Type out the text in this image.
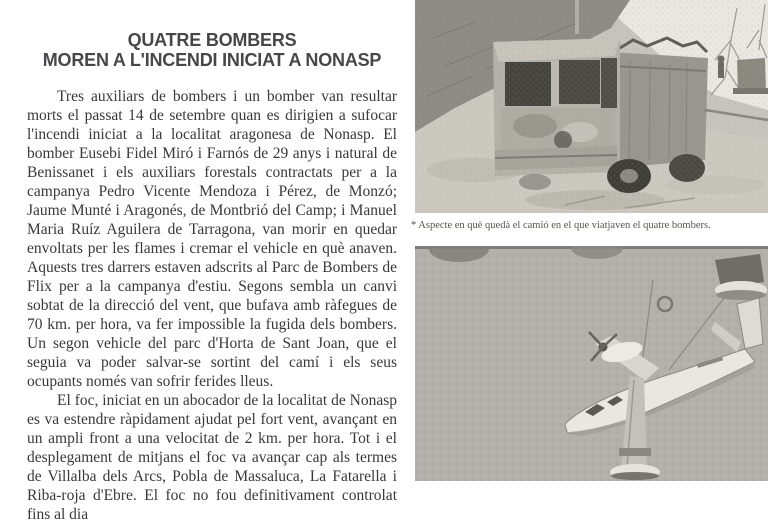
QUATRE BOMBERS
MOREN A L'INCENDI INICIAT A NONASP

Tres auxiliars de bombers i un bomber van resultar morts el passat 14 de setembre quan es dirigien a sufocar l'incendi iniciat a la localitat aragonesa de Nonasp. El bomber Eusebi Fidel Miró i Farnós de 29 anys i natural de Benissanet i els auxiliars forestals contractats per a la campanya Pedro Vicente Mendoza i Pérez, de Monzó; Jaume Munté i Aragonés, de Montbrió del Camp; i Manuel Maria Ruíz Aguilera de Tarragona, van morir en quedar envoltats per les flames i cremar el vehicle en què anaven. Aquests tres darrers estaven adscrits al Parc de Bombers de Flix per a la campanya d'estiu. Segons sembla un canvi sobtat de la direcció del vent, que bufava amb ràfegues de 70 km. per hora, va fer impossible la fugida dels bombers. Un segon vehicle del parc d'Horta de Sant Joan, que el seguia va poder salvar-se sortint del camí i els seus ocupants només van sofrir ferides lleus.

El foc, iniciat en un abocador de la localitat de Nonasp es va estendre ràpidament ajudat pel fort vent, avançant en un ampli front a una velocitat de 2 km. per hora. Tot i el desplegament de mitjans el foc va avançar cap als termes de Villalba dels Arcs, Pobla de Massaluca, La Fatarella i Riba-roja d'Ebre. El foc no fou definitivament controlat fins al dia

* Aspecte en què quedà el camió en el que viatjaven el quatre bombers.
